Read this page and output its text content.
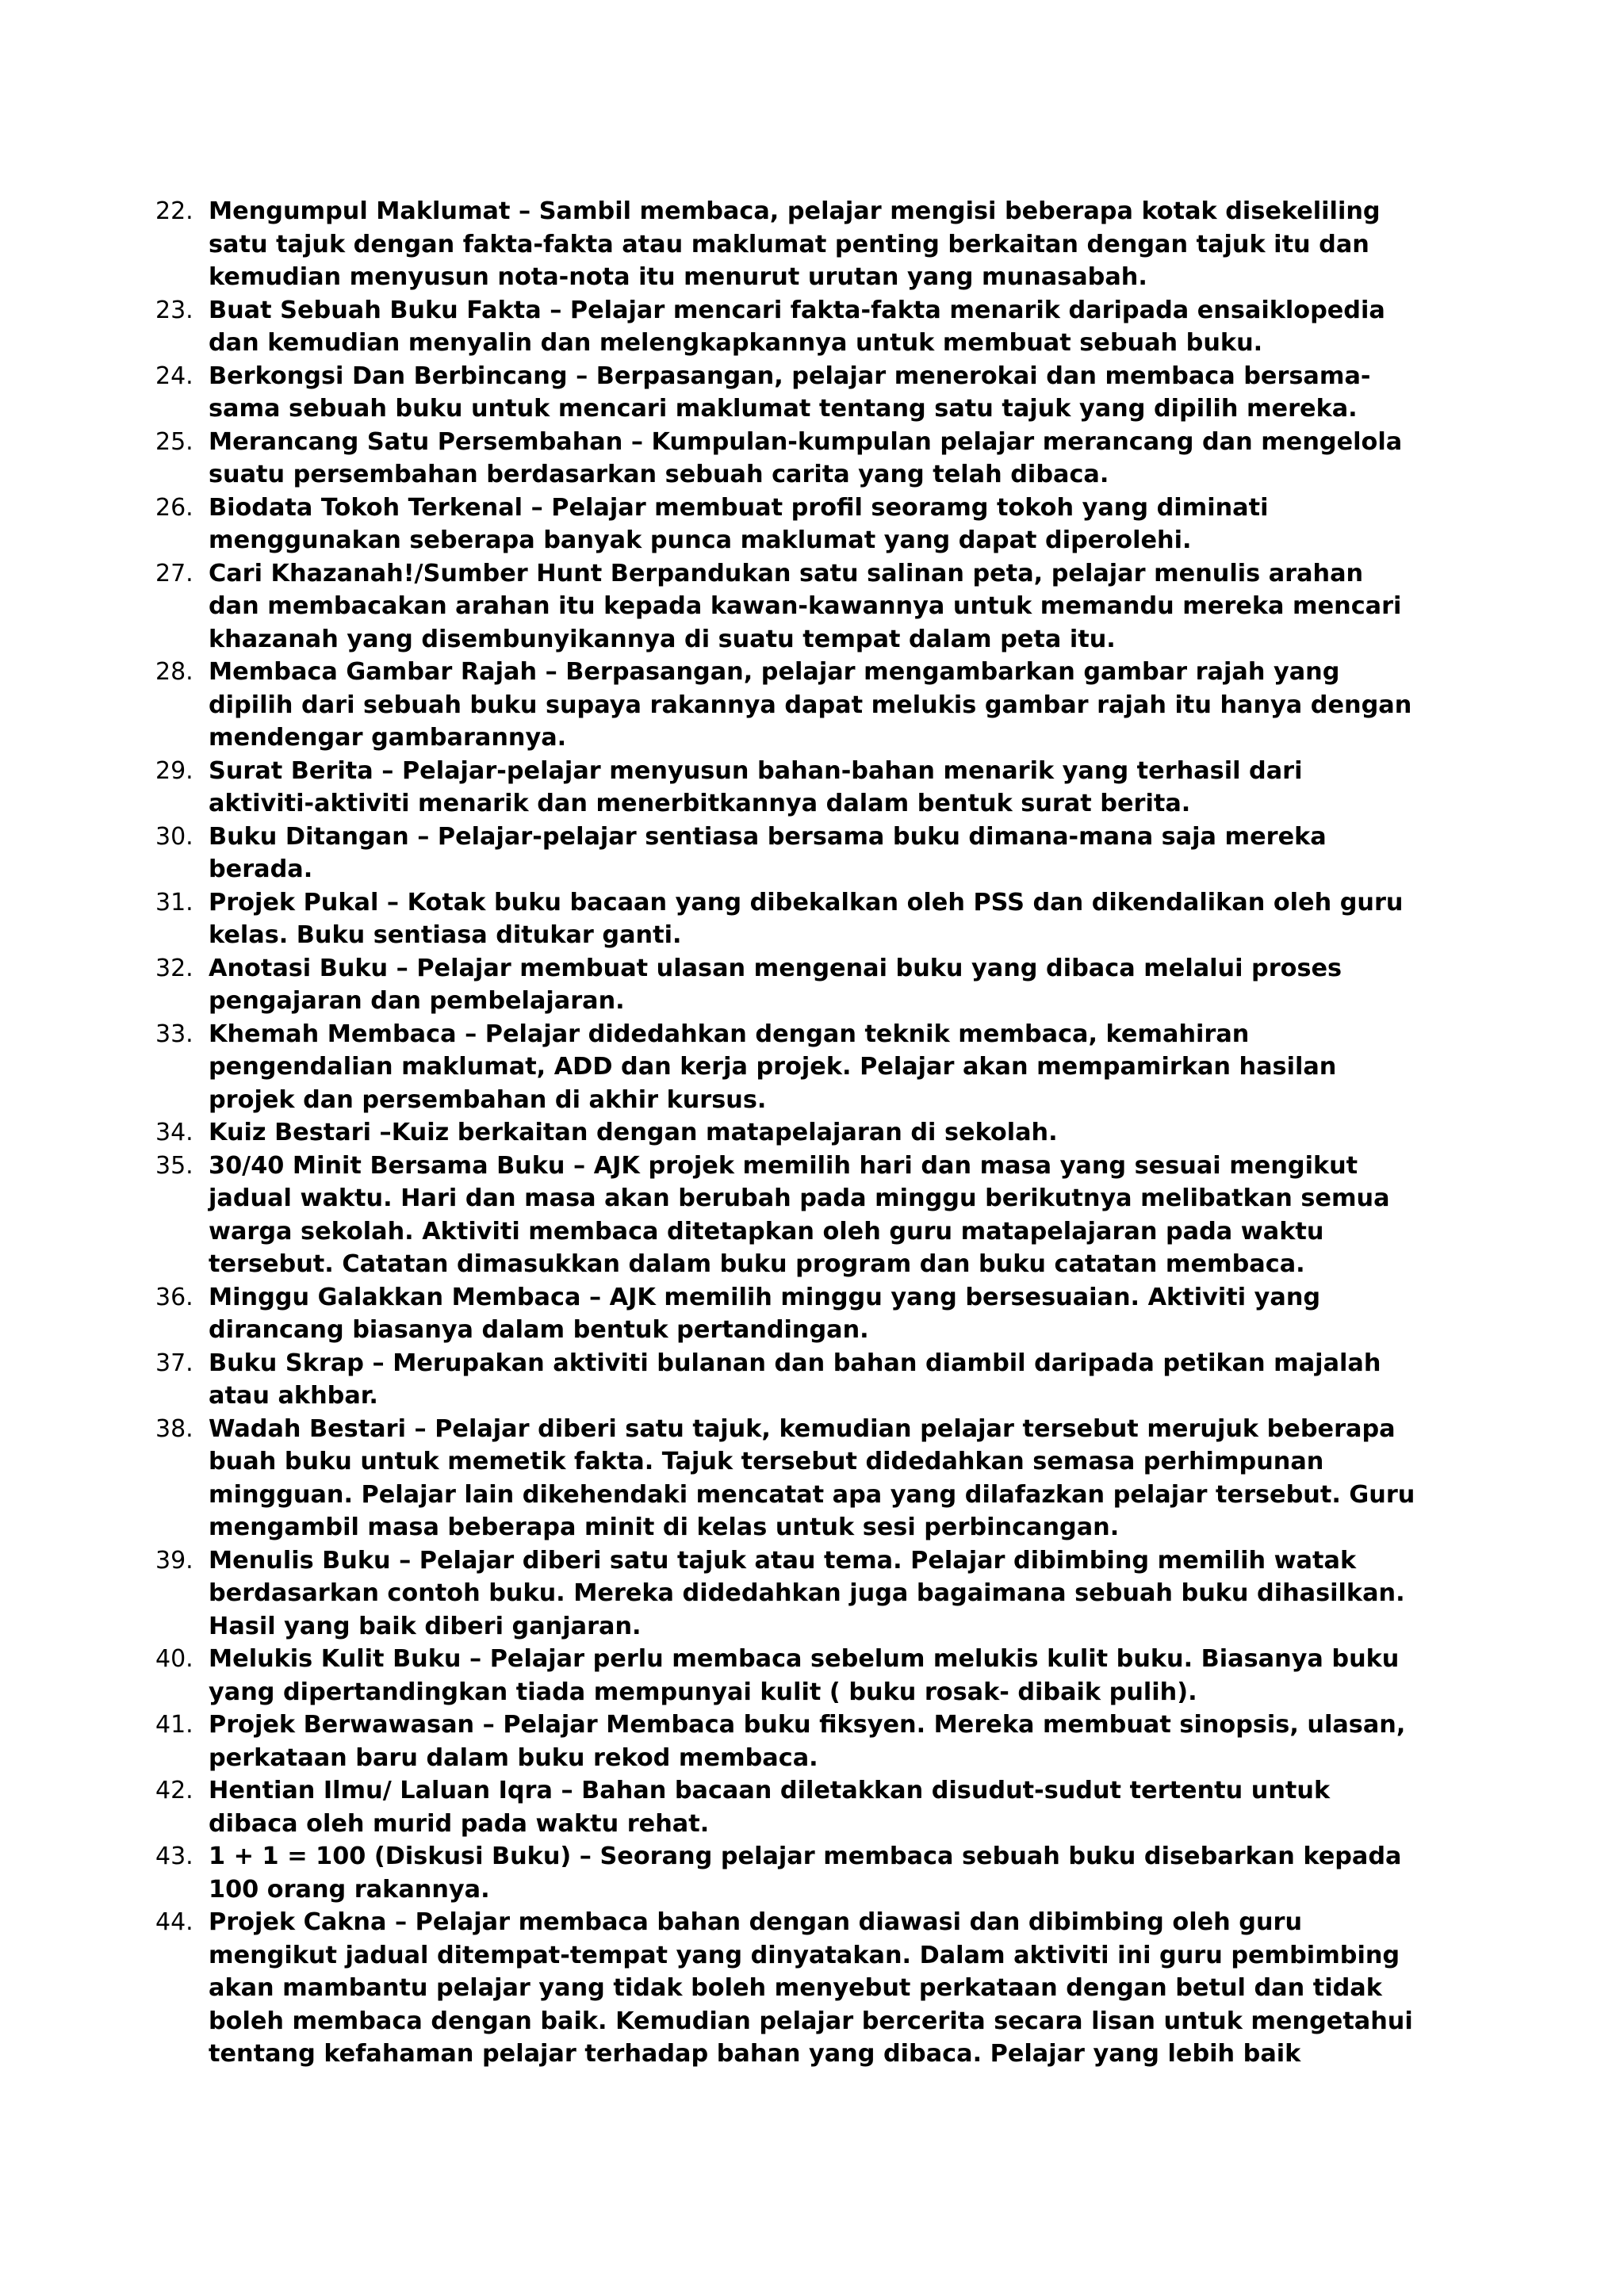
22. Mengumpul Maklumat – Sambil membaca, pelajar mengisi beberapa kotak disekeliling
satu tajuk dengan fakta-fakta atau maklumat penting berkaitan dengan tajuk itu dan
kemudian menyusun nota-nota itu menurut urutan yang munasabah.
23. Buat Sebuah Buku Fakta – Pelajar mencari fakta-fakta menarik daripada ensaiklopedia
dan kemudian menyalin dan melengkapkannya untuk membuat sebuah buku.
24. Berkongsi Dan Berbincang – Berpasangan, pelajar menerokai dan membaca bersama-
sama sebuah buku untuk mencari maklumat tentang satu tajuk yang dipilih mereka.
25. Merancang Satu Persembahan – Kumpulan-kumpulan pelajar merancang dan mengelola
suatu persembahan berdasarkan sebuah carita yang telah dibaca.
26. Biodata Tokoh Terkenal – Pelajar membuat profil seoramg tokoh yang diminati
menggunakan seberapa banyak punca maklumat yang dapat diperolehi.
27. Cari Khazanah!/Sumber Hunt Berpandukan satu salinan peta, pelajar menulis arahan
dan membacakan arahan itu kepada kawan-kawannya untuk memandu mereka mencari
khazanah yang disembunyikannya di suatu tempat dalam peta itu.
28. Membaca Gambar Rajah – Berpasangan, pelajar mengambarkan gambar rajah yang
dipilih dari sebuah buku supaya rakannya dapat melukis gambar rajah itu hanya dengan
mendengar gambarannya.
29. Surat Berita – Pelajar-pelajar menyusun bahan-bahan menarik yang terhasil dari
aktiviti-aktiviti menarik dan menerbitkannya dalam bentuk surat berita.
30. Buku Ditangan – Pelajar-pelajar sentiasa bersama buku dimana-mana saja mereka
berada.
31. Projek Pukal – Kotak buku bacaan yang dibekalkan oleh PSS dan dikendalikan oleh guru
kelas. Buku sentiasa ditukar ganti.
32. Anotasi Buku – Pelajar membuat ulasan mengenai buku yang dibaca melalui proses
pengajaran dan pembelajaran.
33. Khemah Membaca – Pelajar didedahkan dengan teknik membaca, kemahiran
pengendalian maklumat, ADD dan kerja projek. Pelajar akan mempamirkan hasilan
projek dan persembahan di akhir kursus.
34. Kuiz Bestari –Kuiz berkaitan dengan matapelajaran di sekolah.
35. 30/40 Minit Bersama Buku – AJK projek memilih hari dan masa yang sesuai mengikut
jadual waktu. Hari dan masa akan berubah pada minggu berikutnya melibatkan semua
warga sekolah. Aktiviti membaca ditetapkan oleh guru matapelajaran pada waktu
tersebut. Catatan dimasukkan dalam buku program dan buku catatan membaca.
36. Minggu Galakkan Membaca – AJK memilih minggu yang bersesuaian. Aktiviti yang
dirancang biasanya dalam bentuk pertandingan.
37. Buku Skrap – Merupakan aktiviti bulanan dan bahan diambil daripada petikan majalah
atau akhbar.
38. Wadah Bestari – Pelajar diberi satu tajuk, kemudian pelajar tersebut merujuk beberapa
buah buku untuk memetik fakta. Tajuk tersebut didedahkan semasa perhimpunan
mingguan. Pelajar lain dikehendaki mencatat apa yang dilafazkan pelajar tersebut. Guru
mengambil masa beberapa minit di kelas untuk sesi perbincangan.
39. Menulis Buku – Pelajar diberi satu tajuk atau tema. Pelajar dibimbing memilih watak
berdasarkan contoh buku. Mereka didedahkan juga bagaimana sebuah buku dihasilkan.
Hasil yang baik diberi ganjaran.
40. Melukis Kulit Buku – Pelajar perlu membaca sebelum melukis kulit buku. Biasanya buku
yang dipertandingkan tiada mempunyai kulit ( buku rosak- dibaik pulih).
41. Projek Berwawasan – Pelajar Membaca buku fiksyen. Mereka membuat sinopsis, ulasan,
perkataan baru dalam buku rekod membaca.
42. Hentian Ilmu/ Laluan Iqra – Bahan bacaan diletakkan disudut-sudut tertentu untuk
dibaca oleh murid pada waktu rehat.
43. 1 + 1 = 100 (Diskusi Buku) – Seorang pelajar membaca sebuah buku disebarkan kepada
100 orang rakannya.
44. Projek Cakna – Pelajar membaca bahan dengan diawasi dan dibimbing oleh guru
mengikut jadual ditempat-tempat yang dinyatakan. Dalam aktiviti ini guru pembimbing
akan mambantu pelajar yang tidak boleh menyebut perkataan dengan betul dan tidak
boleh membaca dengan baik. Kemudian pelajar bercerita secara lisan untuk mengetahui
tentang kefahaman pelajar terhadap bahan yang dibaca. Pelajar yang lebih baik
